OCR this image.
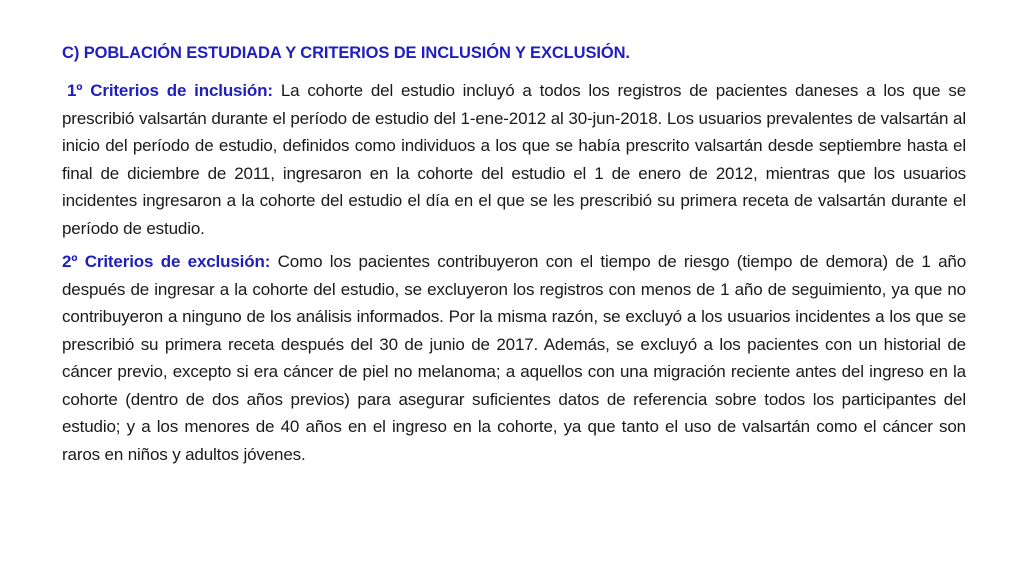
C) POBLACIÓN ESTUDIADA Y CRITERIOS DE INCLUSIÓN Y EXCLUSIÓN.

1º Criterios de inclusión: La cohorte del estudio incluyó a todos los registros de pacientes daneses a los que se prescribió valsartán durante el período de estudio del 1-ene-2012 al 30-jun-2018. Los usuarios prevalentes de valsartán al inicio del período de estudio, definidos como individuos a los que se había prescrito valsartán desde septiembre hasta el final de diciembre de 2011, ingresaron en la cohorte del estudio el 1 de enero de 2012, mientras que los usuarios incidentes ingresaron a la cohorte del estudio el día en el que se les prescribió su primera receta de valsartán durante el período de estudio.

2º Criterios de exclusión: Como los pacientes contribuyeron con el tiempo de riesgo (tiempo de demora) de 1 año después de ingresar a la cohorte del estudio, se excluyeron los registros con menos de 1 año de seguimiento, ya que no contribuyeron a ninguno de los análisis informados. Por la misma razón, se excluyó a los usuarios incidentes a los que se prescribió su primera receta después del 30 de junio de 2017. Además, se excluyó a los pacientes con un historial de cáncer previo, excepto si era cáncer de piel no melanoma; a aquellos con una migración reciente antes del ingreso en la cohorte (dentro de dos años previos) para asegurar suficientes datos de referencia sobre todos los participantes del estudio; y a los menores de 40 años en el ingreso en la cohorte, ya que tanto el uso de valsartán como el cáncer son raros en niños y adultos jóvenes.
